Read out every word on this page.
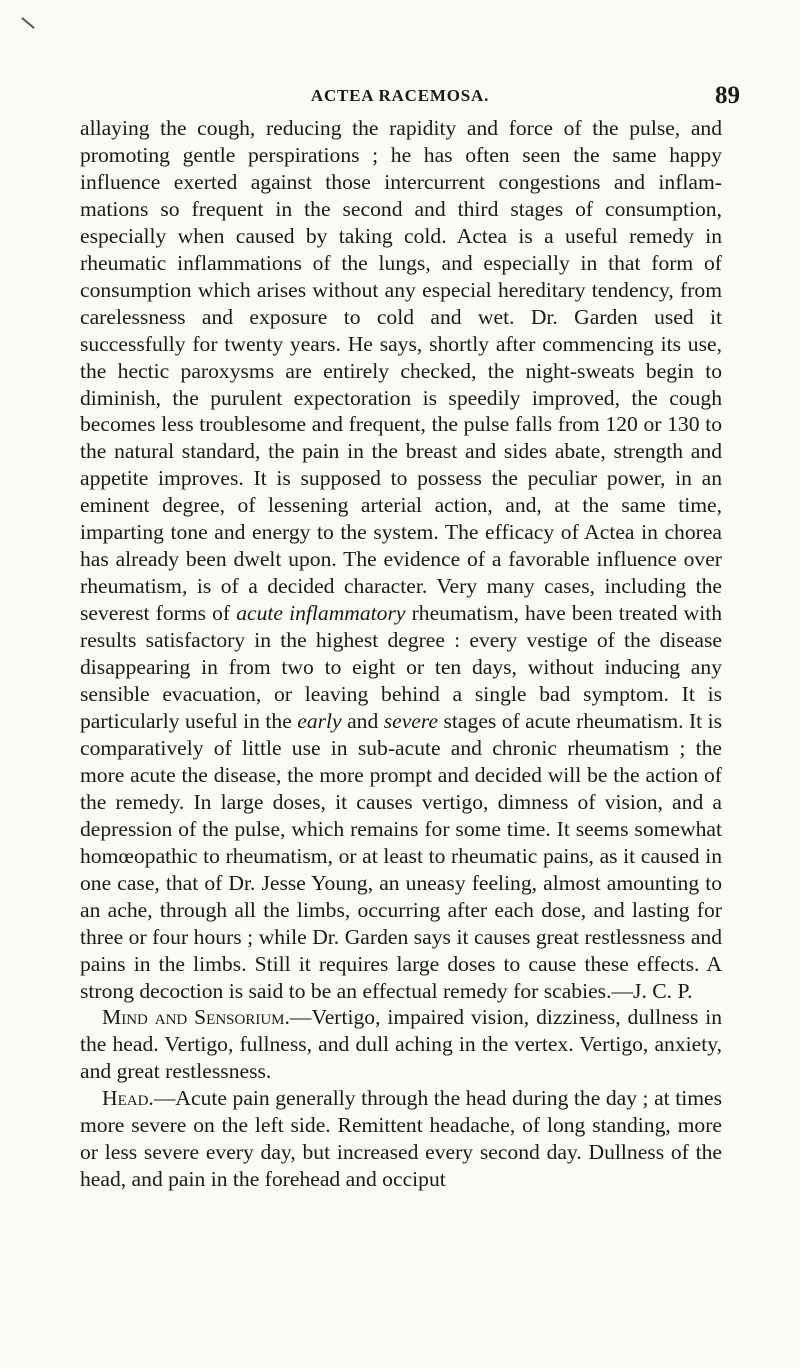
ACTEA RACEMOSA.	89

allaying the cough, reducing the rapidity and force of the pulse, and promoting gentle perspirations ; he has often seen the same happy influence exerted against those intercurrent congestions and inflammations so frequent in the second and third stages of consumption, especially when caused by taking cold. Actea is a useful remedy in rheumatic inflammations of the lungs, and especially in that form of consumption which arises without any especial hereditary tendency, from carelessness and exposure to cold and wet. Dr. Garden used it successfully for twenty years. He says, shortly after commencing its use, the hectic paroxysms are entirely checked, the night-sweats begin to diminish, the purulent expectoration is speedily improved, the cough becomes less troublesome and frequent, the pulse falls from 120 or 130 to the natural standard, the pain in the breast and sides abate, strength and appetite improves. It is supposed to possess the peculiar power, in an eminent degree, of lessening arterial action, and, at the same time, imparting tone and energy to the system. The efficacy of Actea in chorea has already been dwelt upon. The evidence of a favorable influence over rheumatism, is of a decided character. Very many cases, including the severest forms of acute inflammatory rheumatism, have been treated with results satisfactory in the highest degree : every vestige of the disease disappearing in from two to eight or ten days, without inducing any sensible evacuation, or leaving behind a single bad symptom. It is particularly useful in the early and severe stages of acute rheumatism. It is comparatively of little use in sub-acute and chronic rheumatism ; the more acute the disease, the more prompt and decided will be the action of the remedy. In large doses, it causes vertigo, dimness of vision, and a depression of the pulse, which remains for some time. It seems somewhat homœopathic to rheumatism, or at least to rheumatic pains, as it caused in one case, that of Dr. Jesse Young, an uneasy feeling, almost amounting to an ache, through all the limbs, occurring after each dose, and lasting for three or four hours ; while Dr. Garden says it causes great restlessness and pains in the limbs. Still it requires large doses to cause these effects. A strong decoction is said to be an effectual remedy for scabies.—J. C. P.

Mind and Sensorium.—Vertigo, impaired vision, dizziness, dullness in the head. Vertigo, fullness, and dull aching in the vertex. Vertigo, anxiety, and great restlessness.

Head.—Acute pain generally through the head during the day ; at times more severe on the left side. Remittent headache, of long standing, more or less severe every day, but increased every second day. Dullness of the head, and pain in the forehead and occiput
